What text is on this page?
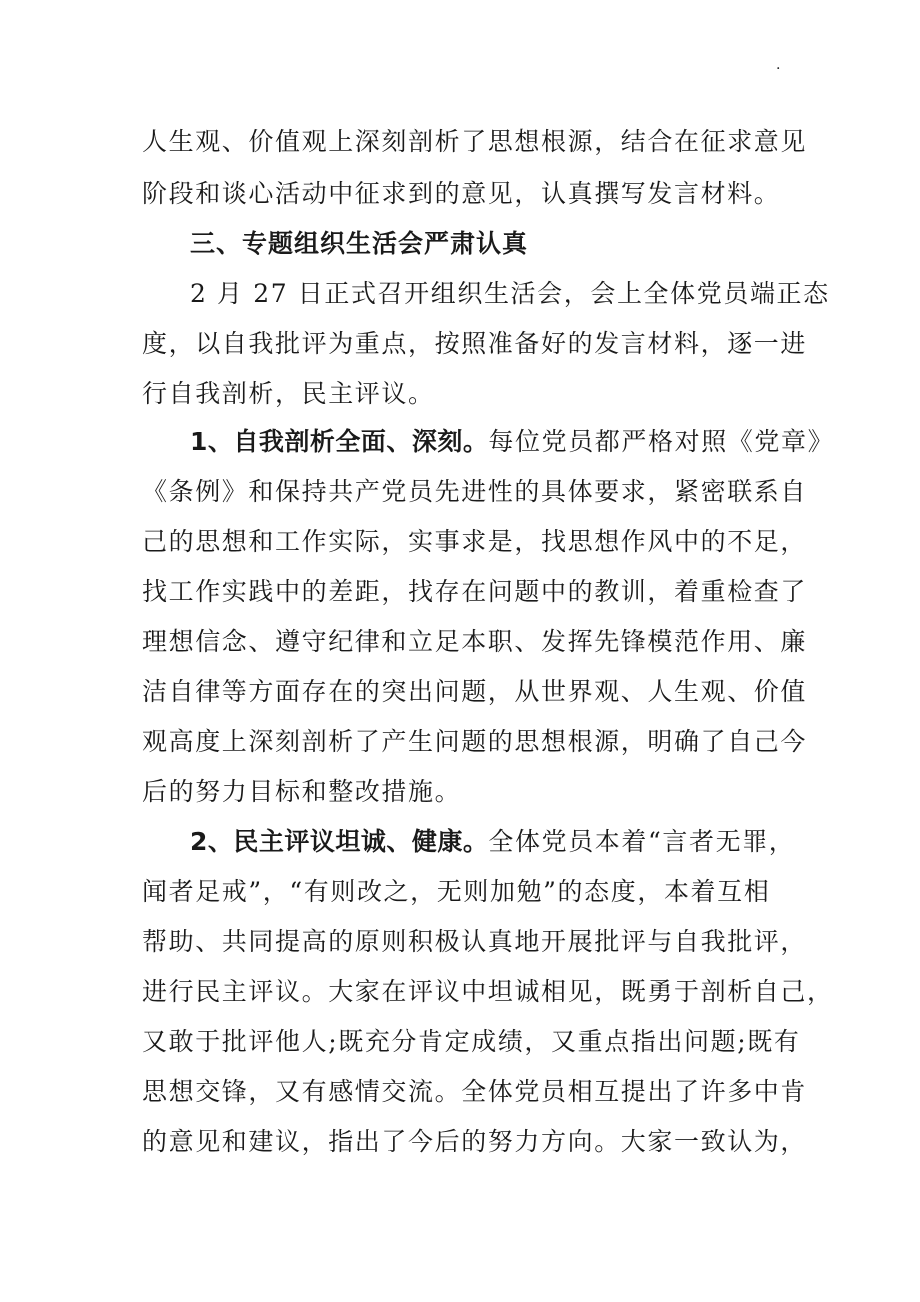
.
人生观、价值观上深刻剖析了思想根源，结合在征求意见
阶段和谈心活动中征求到的意见，认真撰写发言材料。
三、专题组织生活会严肃认真
2 月 27 日正式召开组织生活会，会上全体党员端正态
度，以自我批评为重点，按照准备好的发言材料，逐一进
行自我剖析，民主评议。
1、自我剖析全面、深刻。每位党员都严格对照《党章》
《条例》和保持共产党员先进性的具体要求，紧密联系自
己的思想和工作实际，实事求是，找思想作风中的不足，
找工作实践中的差距，找存在问题中的教训，着重检查了
理想信念、遵守纪律和立足本职、发挥先锋模范作用、廉
洁自律等方面存在的突出问题，从世界观、人生观、价值
观高度上深刻剖析了产生问题的思想根源，明确了自己今
后的努力目标和整改措施。
2、民主评议坦诚、健康。全体党员本着“言者无罪，
闻者足戒”，“有则改之，无则加勉”的态度，本着互相
帮助、共同提高的原则积极认真地开展批评与自我批评，
进行民主评议。大家在评议中坦诚相见，既勇于剖析自己，
又敢于批评他人;既充分肯定成绩，又重点指出问题;既有
思想交锋，又有感情交流。全体党员相互提出了许多中肯
的意见和建议，指出了今后的努力方向。大家一致认为，
